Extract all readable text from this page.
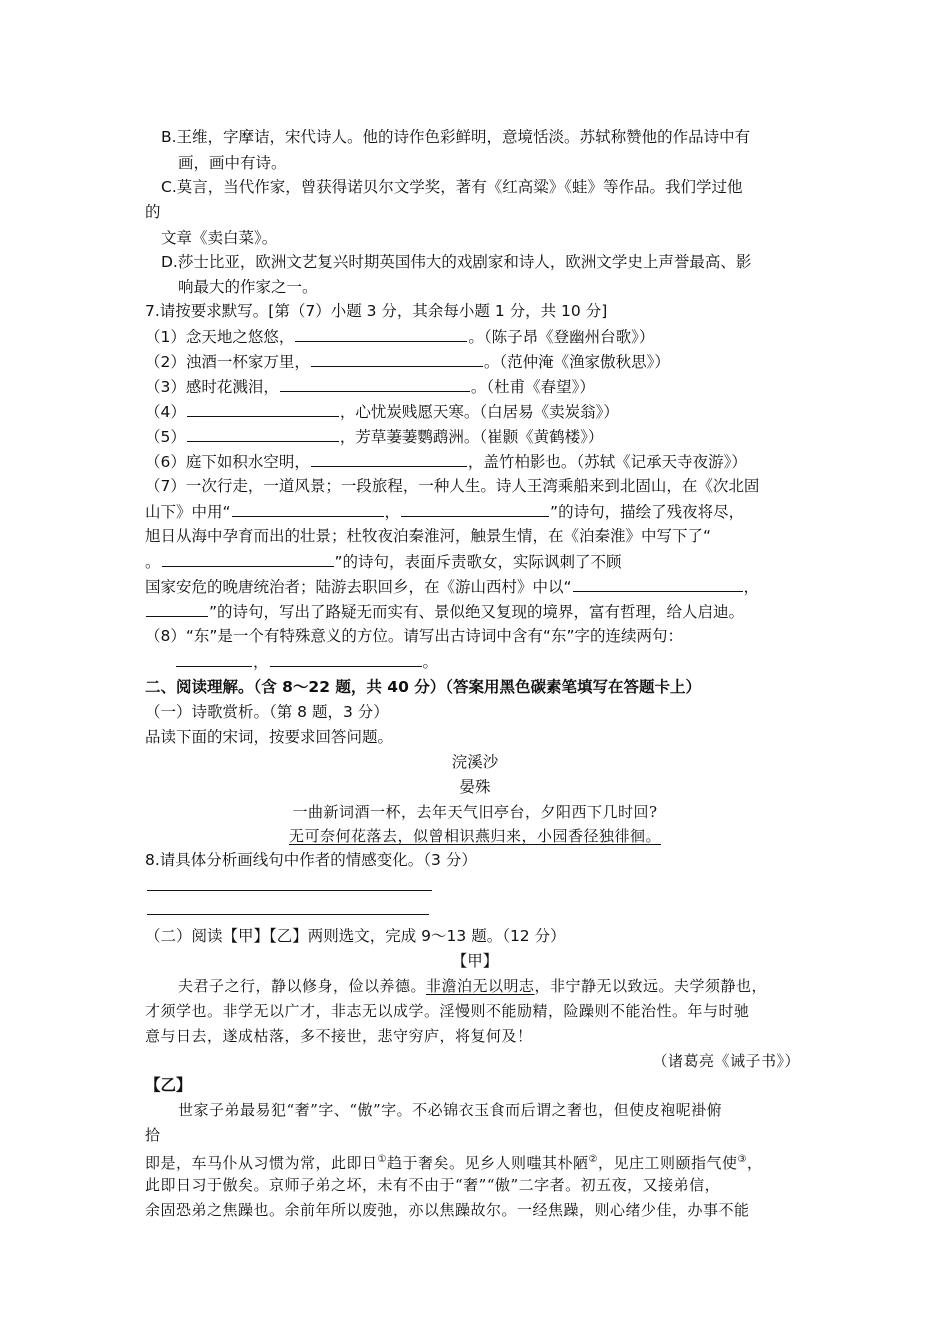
B.王维，字摩诘，宋代诗人。他的诗作色彩鲜明，意境恬淡。苏轼称赞他的作品诗中有
画，画中有诗。
C.莫言，当代作家，曾获得诺贝尔文学奖，著有《红高粱》《蛙》等作品。我们学过他
的
文章《卖白菜》。
D.莎士比亚，欧洲文艺复兴时期英国伟大的戏剧家和诗人，欧洲文学史上声誉最高、影
响最大的作家之一。
7.请按要求默写。[第（7）小题 3 分，其余每小题 1 分，共 10 分]
（1）念天地之悠悠，	。（陈子昂《登幽州台歌》）
（2）浊酒一杯家万里，	。（范仲淹《渔家傲秋思》）
（3）感时花溅泪，	。（杜甫《春望》）
（4）	，心忧炭贱愿天寒。（白居易《卖炭翁》）
（5）	，芳草萋萋鹦鹉洲。（崔颢《黄鹤楼》）
（6）庭下如积水空明，	，盖竹柏影也。（苏轼《记承天寺夜游》）
（7）一次行走，一道风景；一段旅程，一种人生。诗人王湾乘船来到北固山，在《次北固
山下》中用“	，	”的诗句，描绘了残夜将尽，
旭日从海中孕育而出的壮景；杜牧夜泊秦淮河，触景生情，在《泊秦淮》中写下了“
。	”的诗句，表面斥责歌女，实际讽刺了不顾
国家安危的晚唐统治者；陆游去职回乡，在《游山西村》中以“	，
”的诗句，写出了路疑无而实有、景似绝又复现的境界，富有哲理，给人启迪。
（8）“东”是一个有特殊意义的方位。请写出古诗词中含有“东”字的连续两句：
，	。
二、阅读理解。（含 8～22 题，共 40 分）（答案用黑色碳素笔填写在答题卡上）
（一）诗歌赏析。（第 8 题，3 分）
品读下面的宋词，按要求回答问题。
浣溪沙
晏殊
一曲新词酒一杯，去年天气旧亭台，夕阳西下几时回?
无可奈何花落去，似曾相识燕归来，小园香径独徘徊。
8.请具体分析画线句中作者的情感变化。（3 分）
（二）阅读【甲】【乙】两则选文，完成 9～13 题。（12 分）
【甲】
夫君子之行，静以修身，俭以养德。非澹泊无以明志，非宁静无以致远。夫学须静也，
才须学也。非学无以广才，非志无以成学。淫慢则不能励精，险躁则不能治性。年与时驰
意与日去，遂成枯落，多不接世，悲守穷庐，将复何及！
（诸葛亮《诫子书》）
【乙】
世家子弟最易犯“奢”字、“傲”字。不必锦衣玉食而后谓之奢也，但使皮袍呢褂俯
拾
即是，车马仆从习惯为常，此即日①趋于奢矣。见乡人则嗤其朴陋②，见庄工则颐指气使③，
此即日习于傲矣。京师子弟之坏，未有不由于“奢”“傲”二字者。初五夜，又接弟信，
余固恐弟之焦躁也。余前年所以废弛，亦以焦躁故尔。一经焦躁，则心绪少佳，办事不能
